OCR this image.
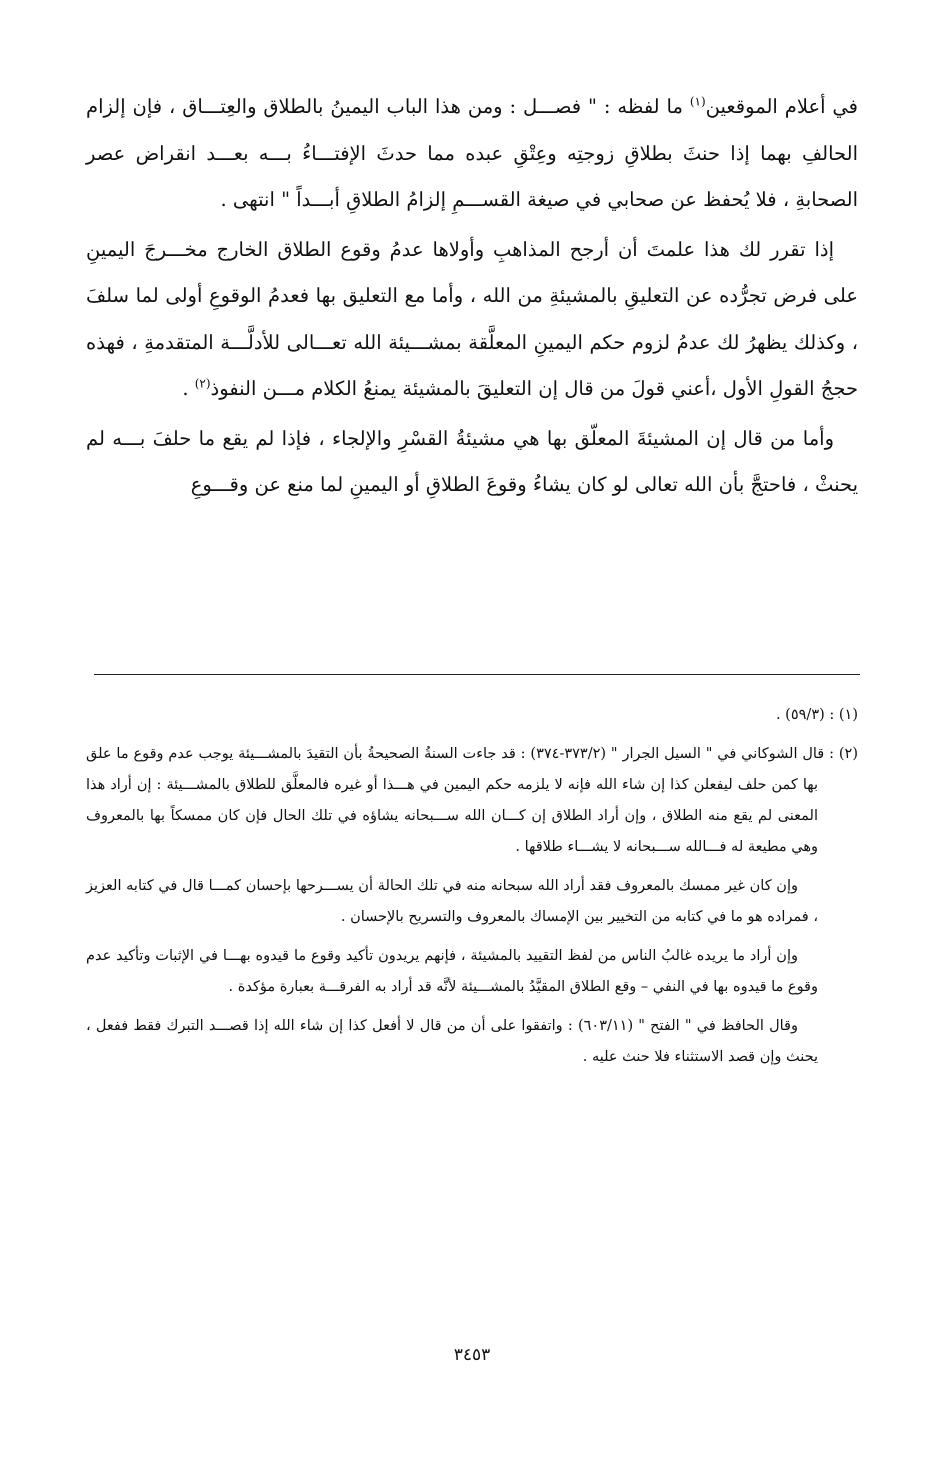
في أعلام الموقعين$^{(١)}$ ما لفظه : " فصـــل : ومن هذا الباب اليمينُ بالطلاق والعِتـــاق ، فإن إلزام الحالفِ بهما إذا حنثَ بطلاقِ زوجتِه وعِتْقِ عبده مما حدثَ الإفتـــاءُ بـــه بعـــد انقراض عصر الصحابةِ ، فلا يُحفظ عن صحابي في صيغة القســـمِ إلزامُ الطلاقِ أبـــداً " انتهى .

إذا تقرر لك هذا علمتَ أن أرجح المذاهبِ وأولاها عدمُ وقوع الطلاق الخارج مخـــرجَ اليمينِ على فرض تجرُّده عن التعليقِ بالمشيئةِ من الله ، وأما مع التعليق بها فعدمُ الوقوعِ أولى لما سلفَ ، وكذلك يظهرُ لك عدمُ لزوم حكم اليمينِ المعلَّقة بمشـــيئة الله تعـــالى للأدلَّـــة المتقدمةِ ، فهذه حججُ القولِ الأول ،أعني قولَ من قال إن التعليقَ بالمشيئة يمنعُ الكلام مـــن النفوذ$^{(٢)}$ .

وأما من قال إن المشيئةَ المعلّق بها هي مشيئةُ القسْرِ والإلجاء ، فإذا لم يقع ما حلفَ بـــه لم يحنثْ ، فاحتجَّ بأن الله تعالى لو كان يشاءُ وقوعَ الطلاقِ أو اليمينِ لما منع عن وقـــوعِ

(١) : (٥٩/٣) .

(٢) : قال الشوكاني في " السيل الجرار " (٣٧٣/٢-٣٧٤) : قد جاءت السنةُ الصحيحةُ بأن التقيدَ بالمشـــيئة يوجب عدم وقوع ما علق بها كمن حلف ليفعلن كذا إن شاء الله فإنه لا يلزمه حكم اليمين في هـــذا أو غيره فالمعلَّق للطلاق بالمشـــيئة : إن أراد هذا المعنى لم يقع منه الطلاق ، وإن أراد الطلاق إن كـــان الله ســـبحانه يشاؤه في تلك الحال فإن كان ممسكاً بها بالمعروف وهي مطيعة له فـــالله ســـبحانه لا يشـــاء طلاقها .

وإن كان غير ممسك بالمعروف فقد أراد الله سبحانه منه في تلك الحالة أن يســـرحها بإحسان كمـــا قال في كتابه العزيز ، فمراده هو ما في كتابه من التخيير بين الإمساك بالمعروف والتسريح بالإحسان .

وإن أراد ما يريده غالبُ الناس من لفظ التقييد بالمشيئة ، فإنهم يريدون تأكيد وقوع ما قيدوه بهـــا في الإثبات وتأكيد عدم وقوع ما قيدوه بها في النفي – وقع الطلاق المقيَّدُ بالمشـــيئة لأنَّه قد أراد به الفرقـــة بعبارة مؤكدة .

وقال الحافظ في " الفتح " (٦٠٣/١١) : واتفقوا على أن من قال لا أفعل كذا إن شاء الله إذا قصـــد التبرك فقط ففعل ، يحنث وإن قصد الاستثناء فلا حنث عليه .

٣٤٥٣
